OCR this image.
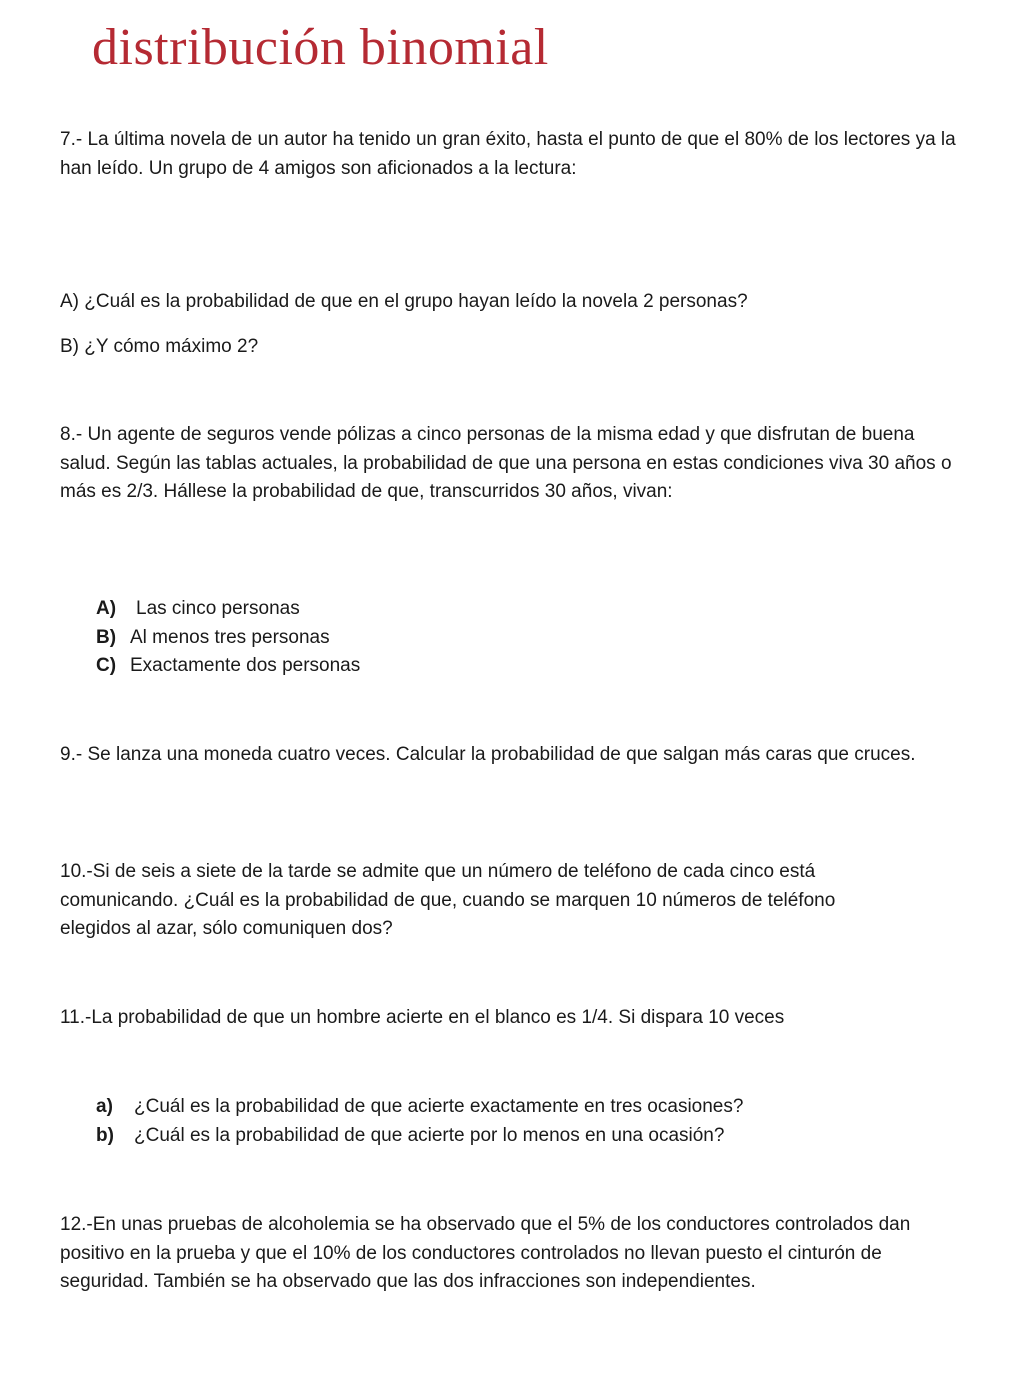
distribución binomial

7.- La última novela de un autor ha tenido un gran éxito, hasta el punto de que el 80% de los lectores ya la han leído. Un grupo de 4 amigos son aficionados a la lectura:

A) ¿Cuál es la probabilidad de que en el grupo hayan leído la novela 2 personas?

B) ¿Y cómo máximo 2?

8.- Un agente de seguros vende pólizas a cinco personas de la misma edad y que disfrutan de buena salud. Según las tablas actuales, la probabilidad de que una persona en estas condiciones viva 30 años o más es 2/3. Hállese la probabilidad de que, transcurridos 30 años, vivan:

A) Las cinco personas
B) Al menos tres personas
C) Exactamente dos personas

9.- Se lanza una moneda cuatro veces. Calcular la probabilidad de que salgan más caras que cruces.

10.-Si de seis a siete de la tarde se admite que un número de teléfono de cada cinco está comunicando. ¿Cuál es la probabilidad de que, cuando se marquen 10 números de teléfono elegidos al azar, sólo comuniquen dos?

11.-La probabilidad de que un hombre acierte en el blanco es 1/4. Si dispara 10 veces

a) ¿Cuál es la probabilidad de que acierte exactamente en tres ocasiones?
b) ¿Cuál es la probabilidad de que acierte por lo menos en una ocasión?

12.-En unas pruebas de alcoholemia se ha observado que el 5% de los conductores controlados dan positivo en la prueba y que el 10% de los conductores controlados no llevan puesto el cinturón de seguridad. También se ha observado que las dos infracciones son independientes.
